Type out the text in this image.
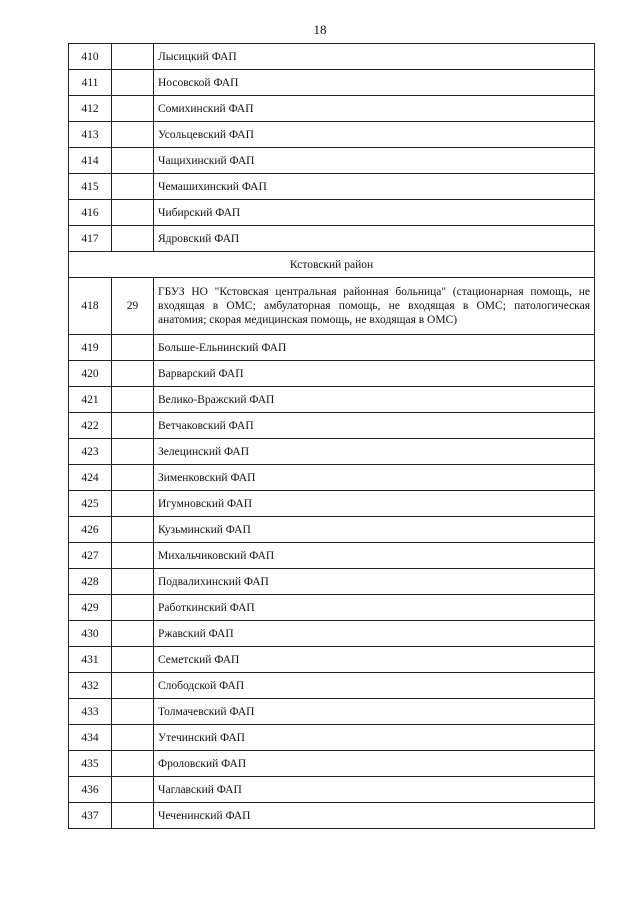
18
410		Лысицкий ФАП
411		Носовской ФАП
412		Сомихинский ФАП
413		Усольцевский ФАП
414		Чащихинский ФАП
415		Чемашихинский ФАП
416		Чибирский ФАП
417		Ядровский ФАП
Кстовский район		
418	29	ГБУЗ НО "Кстовская центральная районная больница" (стационарная помощь, не входящая в ОМС; амбулаторная помощь, не входящая в ОМС; патологическая анатомия; скорая медицинская помощь, не входящая в ОМС)
419		Больше-Ельнинский ФАП
420		Варварский ФАП
421		Велико-Вражский ФАП
422		Ветчаковский ФАП
423		Зелецинский ФАП
424		Зименковский ФАП
425		Игумновский ФАП
426		Кузьминский ФАП
427		Михальчиковский ФАП
428		Подвалихинский ФАП
429		Работкинский ФАП
430		Ржавский ФАП
431		Семетский ФАП
432		Слободской ФАП
433		Толмачевский ФАП
434		Утечинский ФАП
435		Фроловский ФАП
436		Чаглавский ФАП
437		Чеченинский ФАП
